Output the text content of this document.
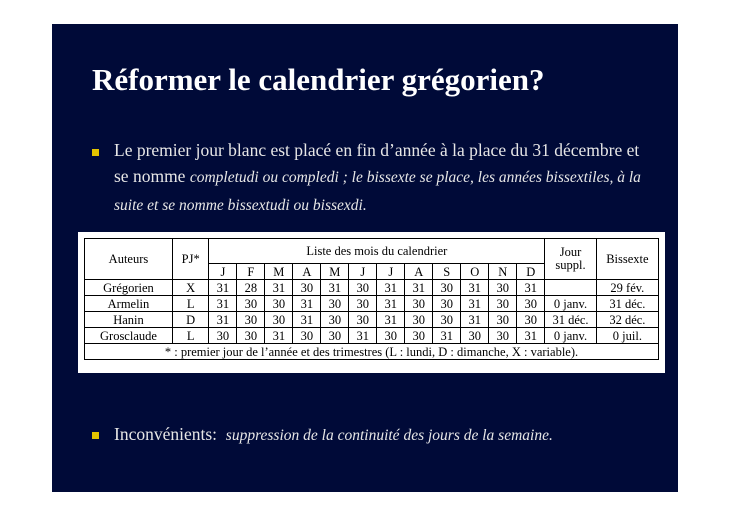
Réformer le calendrier grégorien?
Le premier jour blanc est placé en fin d’année à la place du 31 décembre et se nomme completudi ou compledi ; le bissexte se place, les années bissextiles, à la suite et se nomme bissextudi ou bissexdi.
Inconvénients: suppression de la continuité des jours de la semaine.
Auteurs	PJ*	Liste des mois du calendrier												Jour suppl.	Bissexte
		J	F	M	A	M	J	J	A	S	O	N	D		
Grégorien	X	31	28	31	30	31	30	31	31	30	31	30	31		29 fév.
Armelin	L	31	30	30	31	30	30	31	30	30	31	30	30	0 janv.	31 déc.
Hanin	D	31	30	30	31	30	30	31	30	30	31	30	30	31 déc.	32 déc.
Grosclaude	L	30	30	31	30	30	31	30	30	31	30	30	31	0 janv.	0 juil.
* : premier jour de l’année et des trimestres (L : lundi, D : dimanche, X : variable).															
